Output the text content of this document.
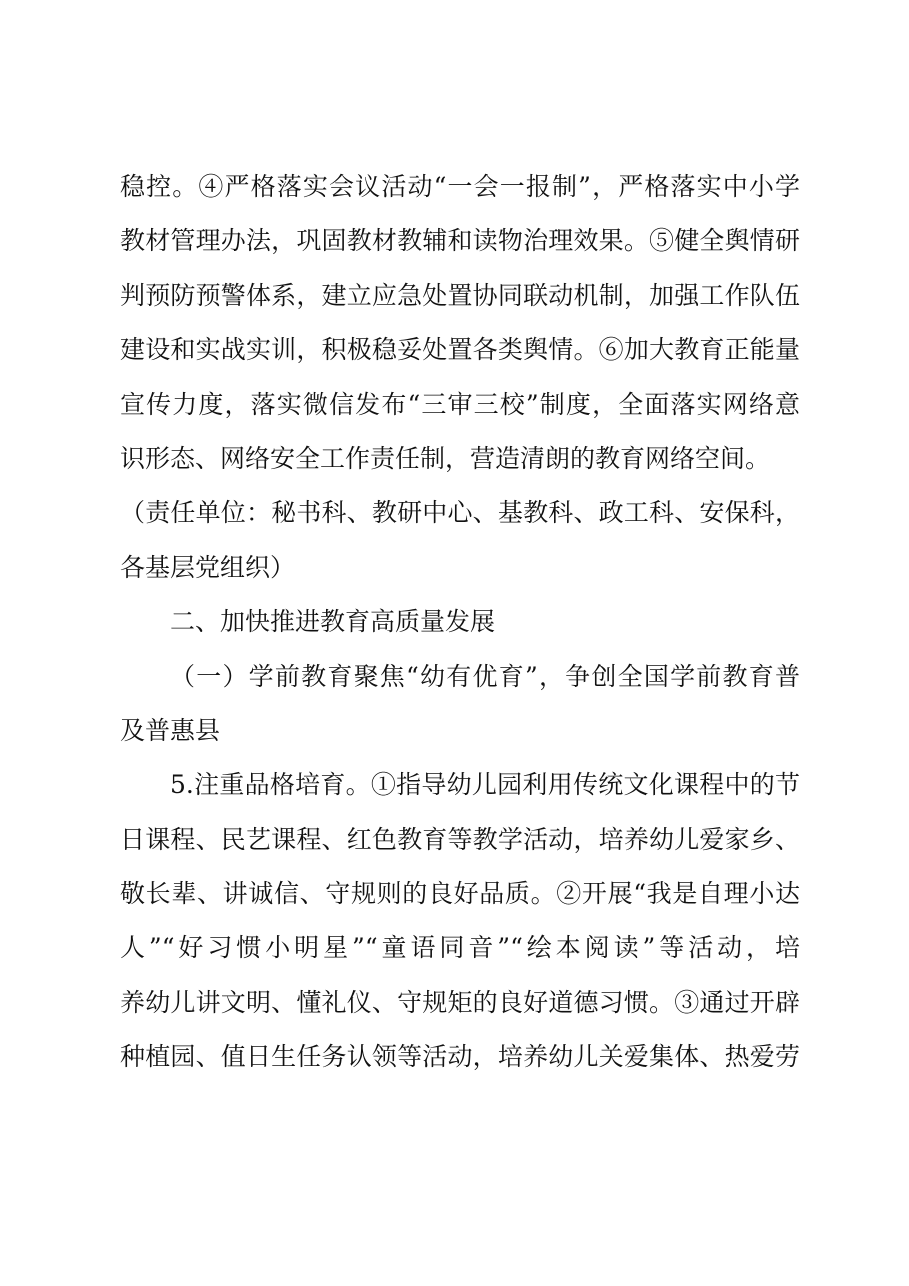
稳控。④严格落实会议活动“一会一报制”，严格落实中小学
教材管理办法，巩固教材教辅和读物治理效果。⑤健全舆情研
判预防预警体系，建立应急处置协同联动机制，加强工作队伍
建设和实战实训，积极稳妥处置各类舆情。⑥加大教育正能量
宣传力度，落实微信发布“三审三校”制度，全面落实网络意
识形态、网络安全工作责任制，营造清朗的教育网络空间。
（责任单位：秘书科、教研中心、基教科、政工科、安保科，
各基层党组织）
二、加快推进教育高质量发展
（一）学前教育聚焦“幼有优育”，争创全国学前教育普
及普惠县
5.注重品格培育。①指导幼儿园利用传统文化课程中的节
日课程、民艺课程、红色教育等教学活动，培养幼儿爱家乡、
敬长辈、讲诚信、守规则的良好品质。②开展“我是自理小达
人”“好习惯小明星”“童语同音”“绘本阅读”等活动，培
养幼儿讲文明、懂礼仪、守规矩的良好道德习惯。③通过开辟
种植园、值日生任务认领等活动，培养幼儿关爱集体、热爱劳
